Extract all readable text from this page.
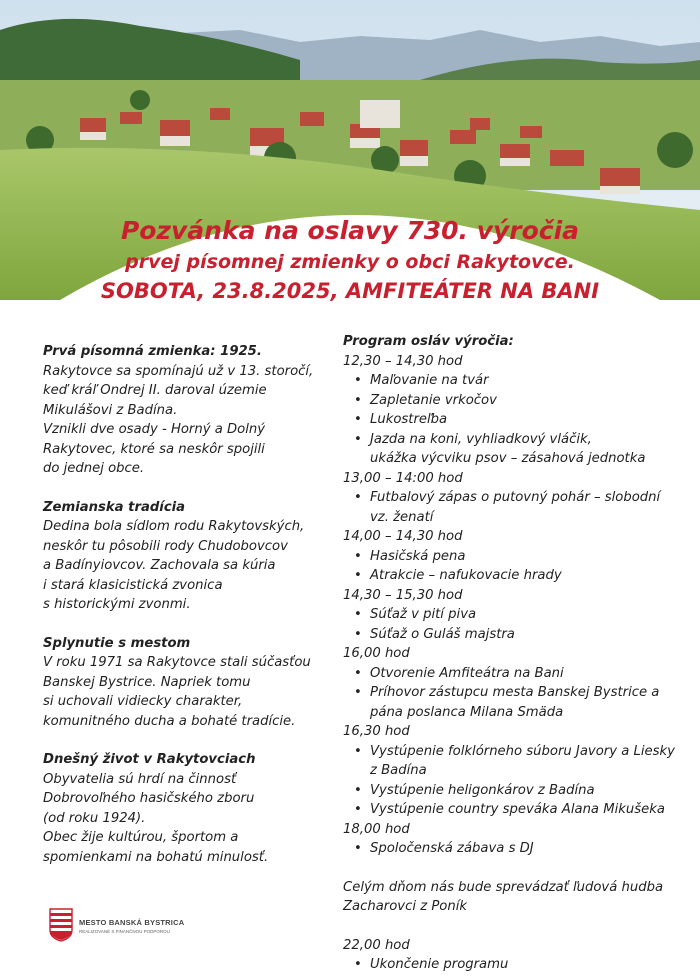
Pozvánka na oslavy 730. výročia
prvej písomnej zmienky o obci Rakytovce.
SOBOTA, 23.8.2025, AMFITEÁTER NA BANI
Prvá písomná zmienka: 1925.
Rakytovce sa spomínajú už v 13. storočí,
keď kráľ Ondrej II. daroval územie
Mikulášovi z Badína.
Vznikli dve osady - Horný a Dolný
Rakytovec, ktoré sa neskôr spojili
do jednej obce.
Zemianska tradícia
Dedina bola sídlom rodu Rakytovských,
neskôr tu pôsobili rody Chudobovcov
a Badínyiovcov. Zachovala sa kúria
i stará klasicistická zvonica
s historickými zvonmi.
Splynutie s mestom
V roku 1971 sa Rakytovce stali súčasťou
Banskej Bystrice. Napriek tomu
si uchovali vidiecky charakter,
komunitného ducha a bohaté tradície.
Dnešný život v Rakytovciach
Obyvatelia sú hrdí na činnosť
Dobrovoľného hasičského zboru
(od roku 1924).
Obec žije kultúrou, športom a
spomienkami na bohatú minulosť.
Program osláv výročia:
12,30 – 14,30 hod
• Maľovanie na tvár
• Zapletanie vrkočov
• Lukostreľba
• Jazda na koni, vyhliadkový vláčik,
ukážka výcviku psov – zásahová jednotka
13,00 – 14:00 hod
• Futbalový zápas o putovný pohár – slobodní
vz. ženatí
14,00 – 14,30 hod
• Hasičská pena
• Atrakcie – nafukovacie hrady
14,30 – 15,30 hod
• Súťaž v pití piva
• Súťaž o Guláš majstra
16,00 hod
• Otvorenie Amfiteátra na Bani
• Príhovor zástupcu mesta Banskej Bystrice a
pána poslanca Milana Smäda
16,30 hod
• Vystúpenie folklórneho súboru Javory a Liesky
z Badína
• Vystúpenie heligonkárov z Badína
• Vystúpenie country speváka Alana Mikušeka
18,00 hod
• Spoločenská zábava s DJ
Celým dňom nás bude sprevádzať ľudová hudba
Zacharovci z Poník
22,00 hod
• Ukončenie programu
MESTO BANSKÁ BYSTRICA
REALIZOVANÉ S FINANČNOU PODPOROU
